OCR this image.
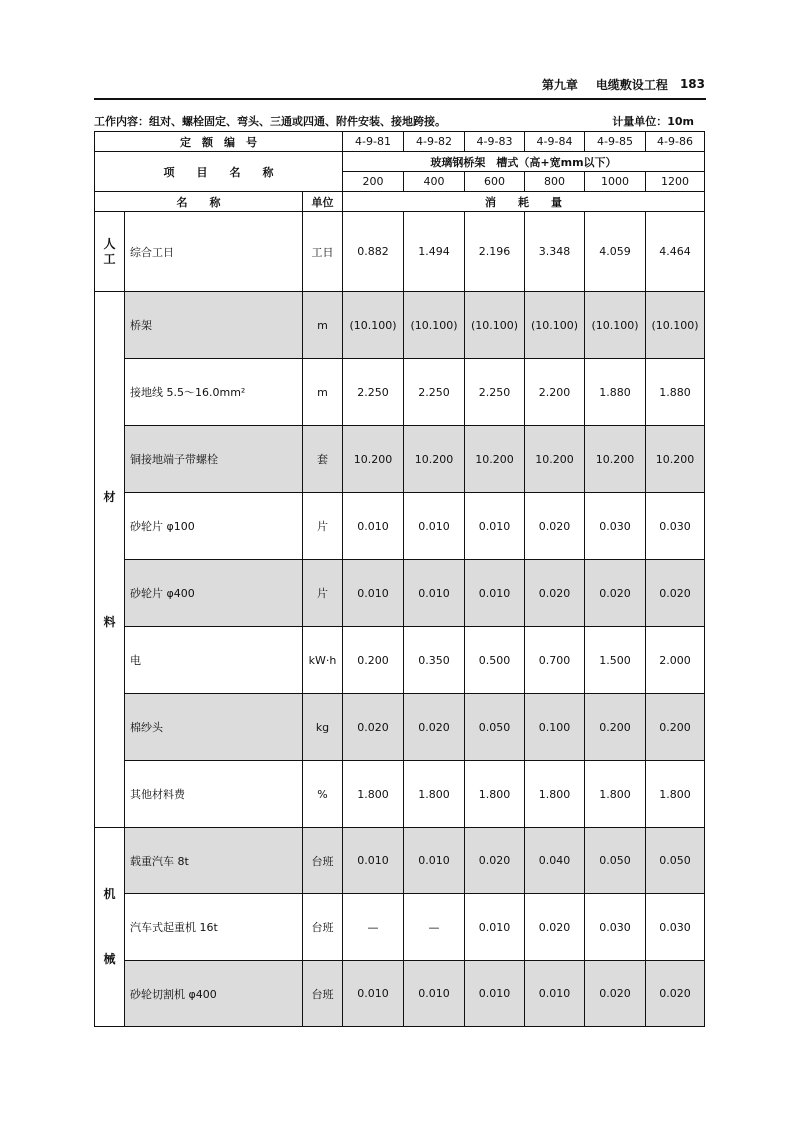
第九章 电缆敷设工程 183
工作内容：组对、螺栓固定、弯头、三通或四通、附件安装、接地跨接。	计量单位：10m
定　额　编　号			4-9-81	4-9-82	4-9-83	4-9-84	4-9-85	4-9-86
项　　目　　名　　称			玻璃钢桥架　槽式（高+宽mm以下）					
			200	400	600	800	1000	1200
名　　称		单位	消　　耗　　量					

人
工	综合工日	工日	0.882	1.494	2.196	3.348	4.059	4.464

材
料	桥架	m	(10.100)	(10.100)	(10.100)	(10.100)	(10.100)	(10.100)
	接地线 5.5～16.0mm²	m	2.250	2.250	2.250	2.200	1.880	1.880
	铜接地端子带螺栓	套	10.200	10.200	10.200	10.200	10.200	10.200
	砂轮片 φ100	片	0.010	0.010	0.010	0.020	0.030	0.030
	砂轮片 φ400	片	0.010	0.010	0.010	0.020	0.020	0.020
	电	kW·h	0.200	0.350	0.500	0.700	1.500	2.000
	棉纱头	kg	0.020	0.020	0.050	0.100	0.200	0.200
	其他材料费	%	1.800	1.800	1.800	1.800	1.800	1.800

机
械	载重汽车 8t	台班	0.010	0.010	0.020	0.040	0.050	0.050
	汽车式起重机 16t	台班	—	—	0.010	0.020	0.030	0.030
	砂轮切割机 φ400	台班	0.010	0.010	0.010	0.010	0.020	0.020
